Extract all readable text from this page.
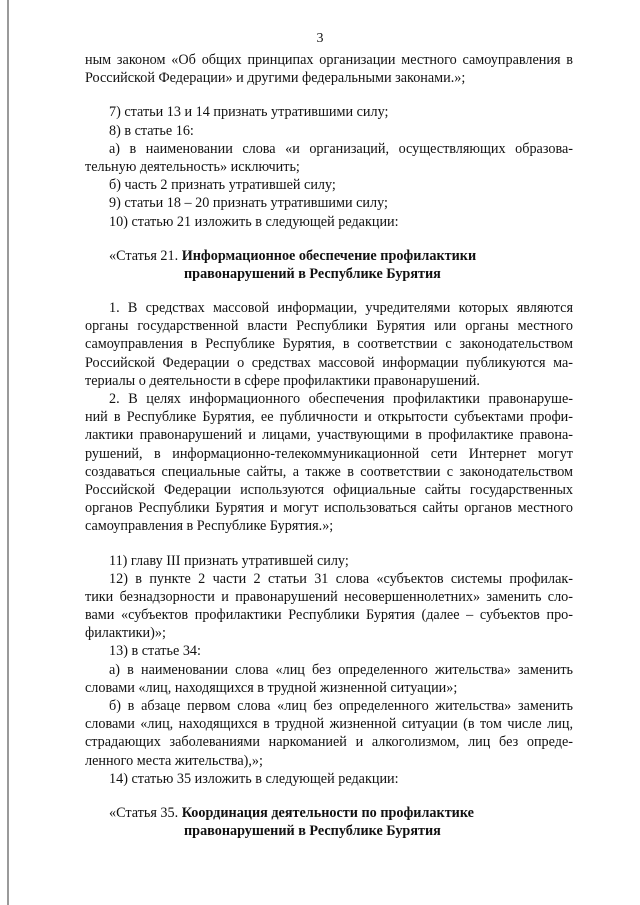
3
ным законом «Об общих принципах организации местного самоуправления в
Российской Федерации» и другими федеральными законами.»;
7) статьи 13 и 14 признать утратившими силу;
8) в статье 16:
а) в наименовании слова «и организаций, осуществляющих образова-
тельную деятельность» исключить;
б) часть 2 признать утратившей силу;
9) статьи 18 – 20 признать утратившими силу;
10) статью 21 изложить в следующей редакции:
«Статья 21. Информационное обеспечение профилактики
правонарушений в Республике Бурятия
1. В средствах массовой информации, учредителями которых являются
органы государственной власти Республики Бурятия или органы местного
самоуправления в Республике Бурятия, в соответствии с законодательством
Российской Федерации о средствах массовой информации публикуются ма-
териалы о деятельности в сфере профилактики правонарушений.
2. В целях информационного обеспечения профилактики правонаруше-
ний в Республике Бурятия, ее публичности и открытости субъектами профи-
лактики правонарушений и лицами, участвующими в профилактике правона-
рушений, в информационно-телекоммуникационной сети Интернет могут
создаваться специальные сайты, а также в соответствии с законодательством
Российской Федерации используются официальные сайты государственных
органов Республики Бурятия и могут использоваться сайты органов местного
самоуправления в Республике Бурятия.»;
11) главу III признать утратившей силу;
12) в пункте 2 части 2 статьи 31 слова «субъектов системы профилак-
тики безнадзорности и правонарушений несовершеннолетних» заменить сло-
вами «субъектов профилактики Республики Бурятия (далее – субъектов про-
филактики)»;
13) в статье 34:
а) в наименовании слова «лиц без определенного жительства» заменить
словами «лиц, находящихся в трудной жизненной ситуации»;
б) в абзаце первом слова «лиц без определенного жительства» заменить
словами «лиц, находящихся в трудной жизненной ситуации (в том числе лиц,
страдающих заболеваниями наркоманией и алкоголизмом, лиц без опреде-
ленного места жительства),»;
14) статью 35 изложить в следующей редакции:
«Статья 35. Координация деятельности по профилактике
правонарушений в Республике Бурятия
